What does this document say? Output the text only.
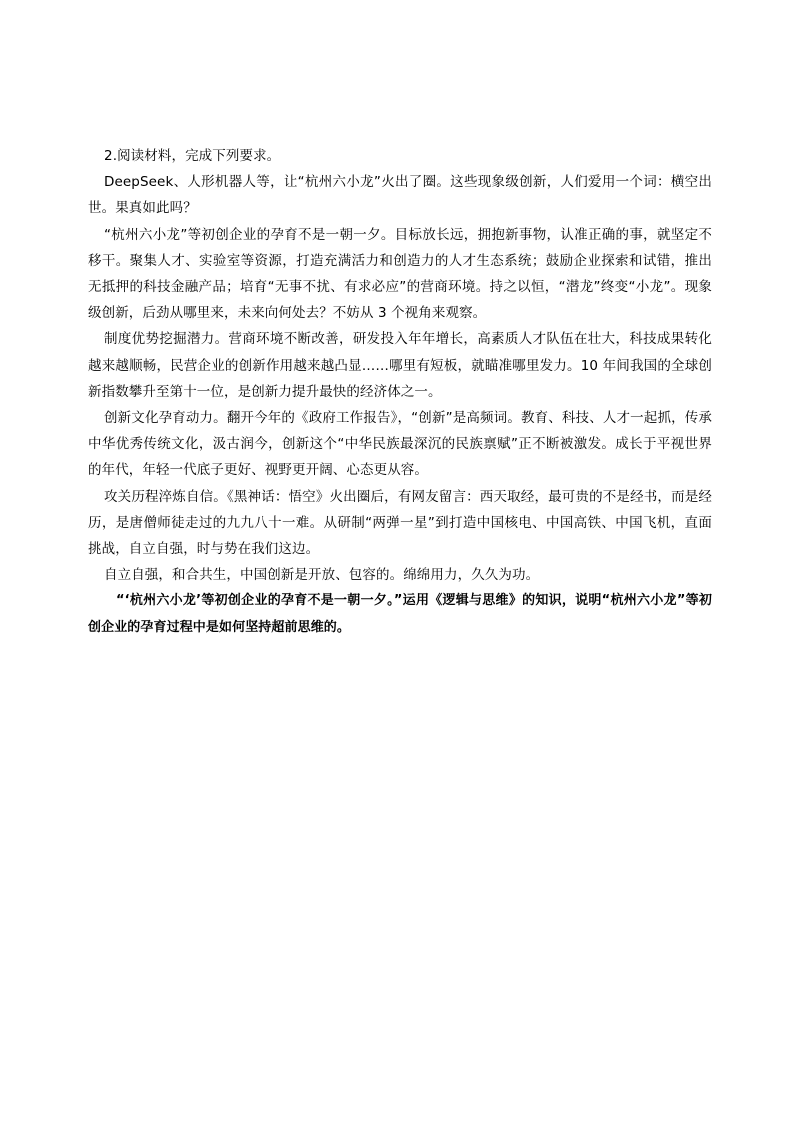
2.阅读材料，完成下列要求。

DeepSeek、人形机器人等，让“杭州六小龙”火出了圈。这些现象级创新，人们爱用一个词：横空出世。果真如此吗？

“杭州六小龙”等初创企业的孕育不是一朝一夕。目标放长远，拥抱新事物，认准正确的事，就坚定不移干。聚集人才、实验室等资源，打造充满活力和创造力的人才生态系统；鼓励企业探索和试错，推出无抵押的科技金融产品；培育“无事不扰、有求必应”的营商环境。持之以恒，“潜龙”终变“小龙”。现象级创新，后劲从哪里来，未来向何处去？不妨从 3 个视角来观察。

制度优势挖掘潜力。营商环境不断改善，研发投入年年增长，高素质人才队伍在壮大，科技成果转化越来越顺畅，民营企业的创新作用越来越凸显……哪里有短板，就瞄准哪里发力。10 年间我国的全球创新指数攀升至第十一位，是创新力提升最快的经济体之一。

创新文化孕育动力。翻开今年的《政府工作报告》，“创新”是高频词。教育、科技、人才一起抓，传承中华优秀传统文化，汲古润今，创新这个“中华民族最深沉的民族禀赋”正不断被激发。成长于平视世界的年代，年轻一代底子更好、视野更开阔、心态更从容。

攻关历程淬炼自信。《黑神话：悟空》火出圈后，有网友留言：西天取经，最可贵的不是经书，而是经历，是唐僧师徒走过的九九八十一难。从研制“两弹一星”到打造中国核电、中国高铁、中国飞机，直面挑战，自立自强，时与势在我们这边。

自立自强，和合共生，中国创新是开放、包容的。绵绵用力，久久为功。

“‘杭州六小龙’等初创企业的孕育不是一朝一夕。”运用《逻辑与思维》的知识，说明“杭州六小龙”等初创企业的孕育过程中是如何坚持超前思维的。
